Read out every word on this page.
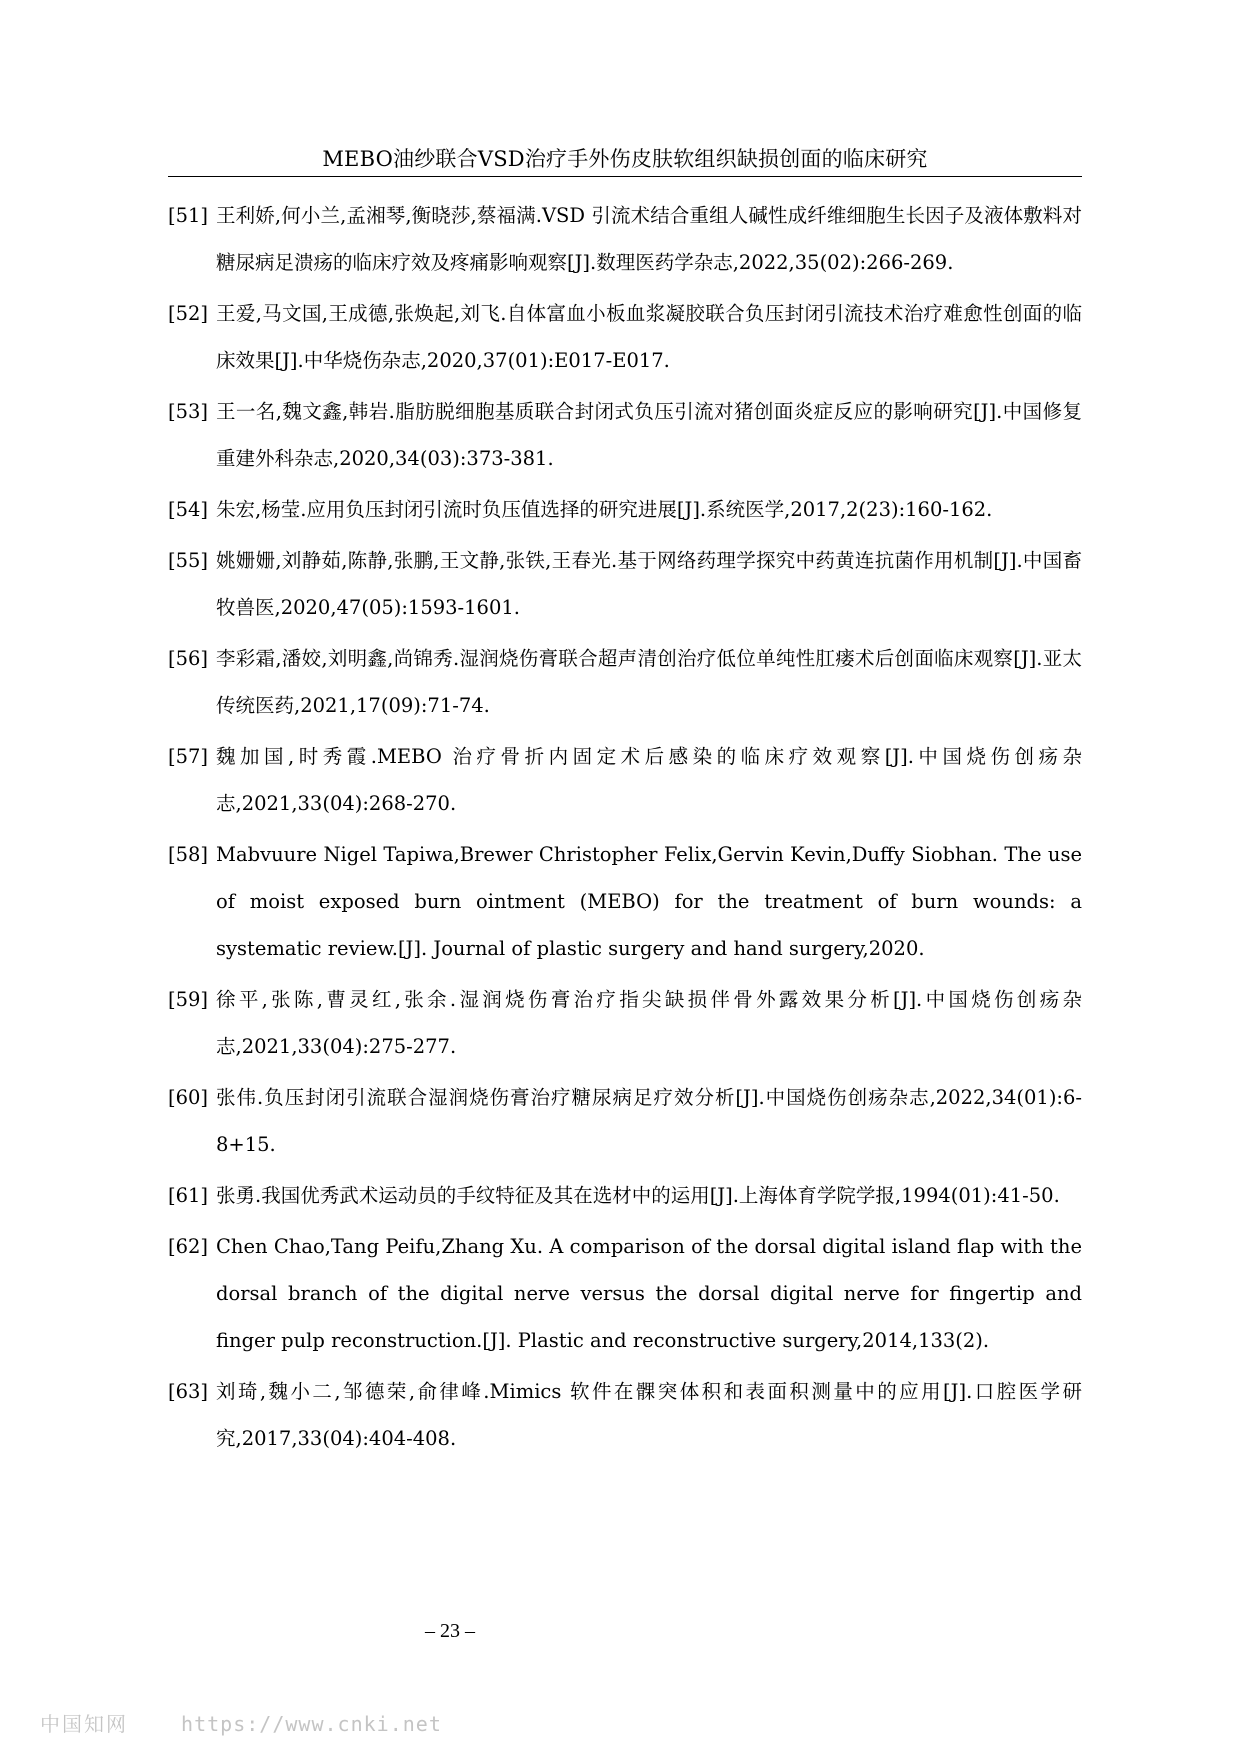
MEBO油纱联合VSD治疗手外伤皮肤软组织缺损创面的临床研究
[51] 王利娇,何小兰,孟湘琴,衡晓莎,蔡福满.VSD 引流术结合重组人碱性成纤维细胞生长因子及液体敷料对糖尿病足溃疡的临床疗效及疼痛影响观察[J].数理医药学杂志,2022,35(02):266-269.
[52] 王爱,马文国,王成德,张焕起,刘飞.自体富血小板血浆凝胶联合负压封闭引流技术治疗难愈性创面的临床效果[J].中华烧伤杂志,2020,37(01):E017-E017.
[53] 王一名,魏文鑫,韩岩.脂肪脱细胞基质联合封闭式负压引流对猪创面炎症反应的影响研究[J].中国修复重建外科杂志,2020,34(03):373-381.
[54] 朱宏,杨莹.应用负压封闭引流时负压值选择的研究进展[J].系统医学,2017,2(23):160-162.
[55] 姚姗姗,刘静茹,陈静,张鹏,王文静,张铁,王春光.基于网络药理学探究中药黄连抗菌作用机制[J].中国畜牧兽医,2020,47(05):1593-1601.
[56] 李彩霜,潘姣,刘明鑫,尚锦秀.湿润烧伤膏联合超声清创治疗低位单纯性肛瘘术后创面临床观察[J].亚太传统医药,2021,17(09):71-74.
[57] 魏加国,时秀霞.MEBO 治疗骨折内固定术后感染的临床疗效观察[J].中国烧伤创疡杂志,2021,33(04):268-270.
[58] Mabvuure Nigel Tapiwa,Brewer Christopher Felix,Gervin Kevin,Duffy Siobhan. The use of moist exposed burn ointment (MEBO) for the treatment of burn wounds: a systematic review.[J]. Journal of plastic surgery and hand surgery,2020.
[59] 徐平,张陈,曹灵红,张余.湿润烧伤膏治疗指尖缺损伴骨外露效果分析[J].中国烧伤创疡杂志,2021,33(04):275-277.
[60] 张伟.负压封闭引流联合湿润烧伤膏治疗糖尿病足疗效分析[J].中国烧伤创疡杂志,2022,34(01):6-8+15.
[61] 张勇.我国优秀武术运动员的手纹特征及其在选材中的运用[J].上海体育学院学报,1994(01):41-50.
[62] Chen Chao,Tang Peifu,Zhang Xu. A comparison of the dorsal digital island flap with the dorsal branch of the digital nerve versus the dorsal digital nerve for fingertip and finger pulp reconstruction.[J]. Plastic and reconstructive surgery,2014,133(2).
[63] 刘琦,魏小二,邹德荣,俞律峰.Mimics 软件在髁突体积和表面积测量中的应用[J].口腔医学研究,2017,33(04):404-408.
– 23 –
中国知网	https://www.cnki.net
